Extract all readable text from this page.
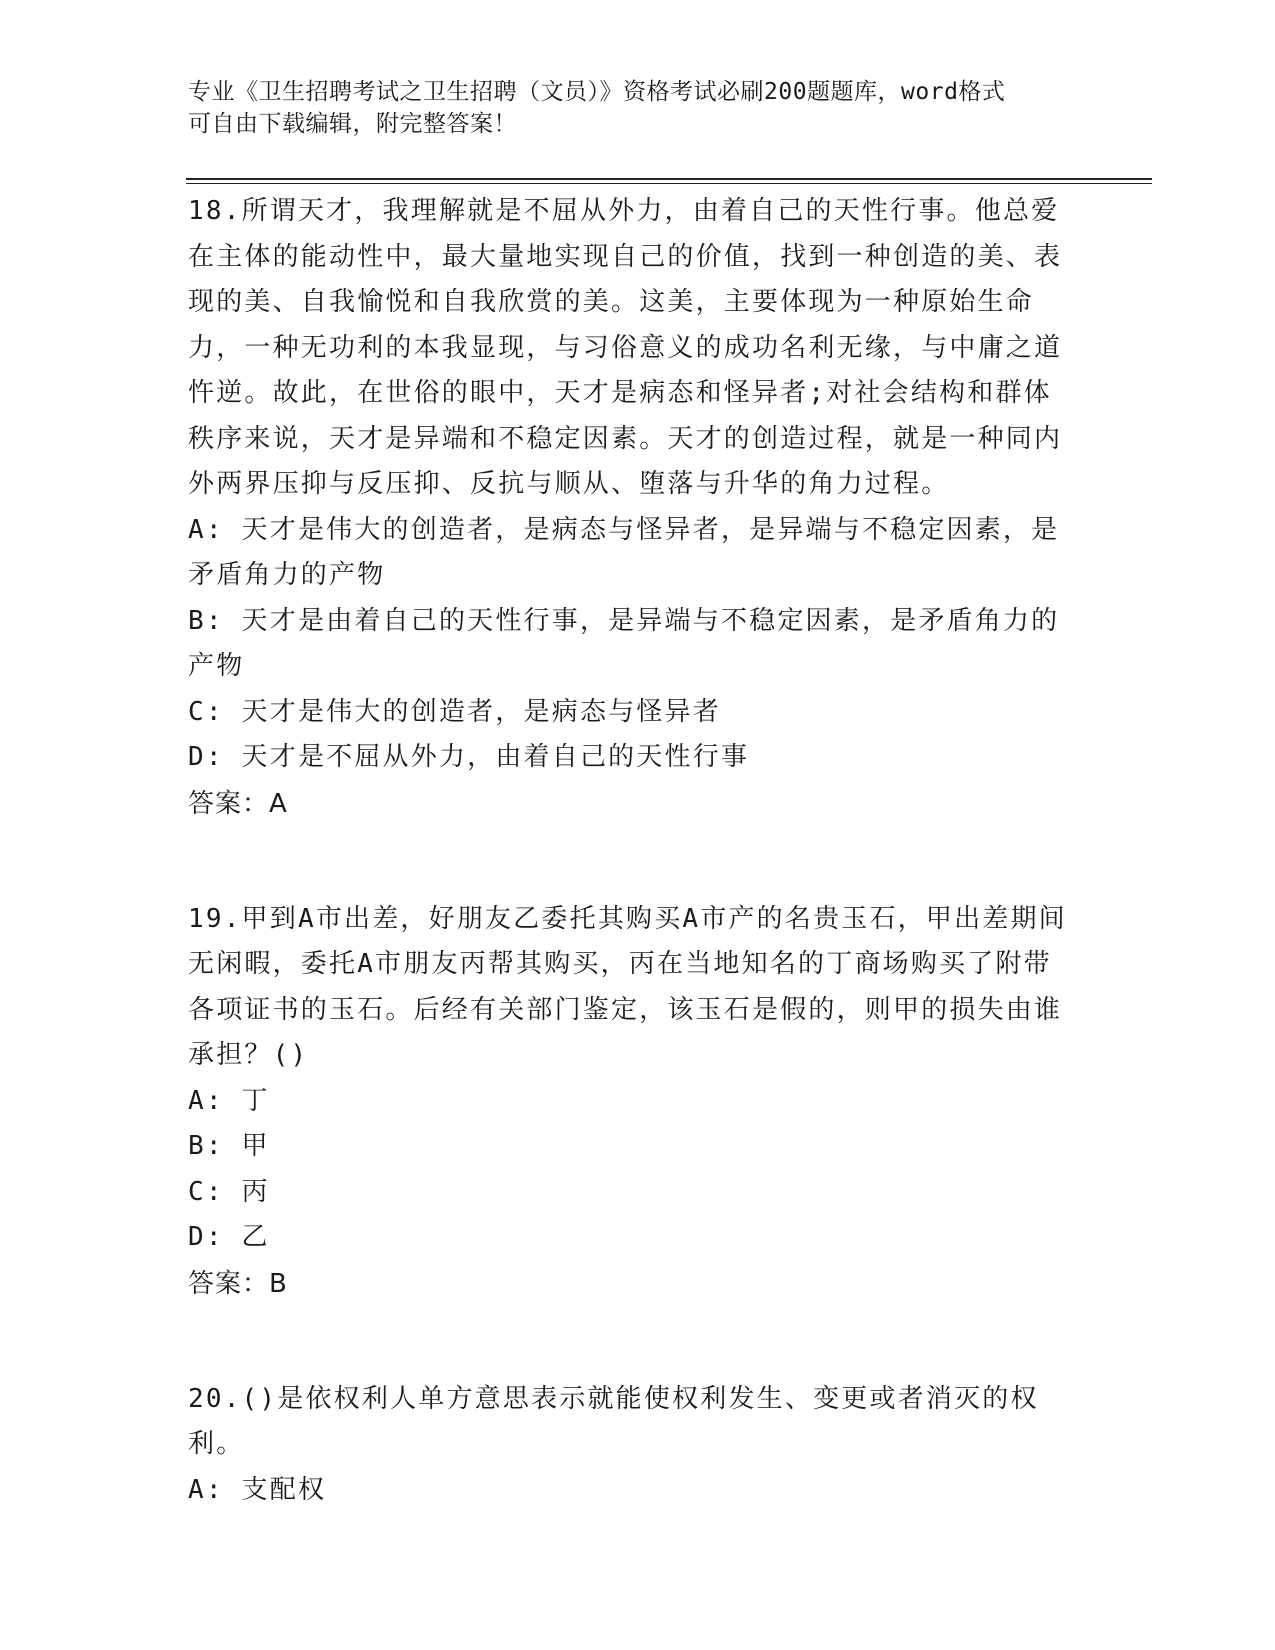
专业《卫生招聘考试之卫生招聘（文员）》资格考试必刷200题题库，word格式
可自由下载编辑，附完整答案！

18.所谓天才，我理解就是不屈从外力，由着自己的天性行事。他总爱在主体的能动性中，最大量地实现自己的价值，找到一种创造的美、表现的美、自我愉悦和自我欣赏的美。这美，主要体现为一种原始生命力，一种无功利的本我显现，与习俗意义的成功名利无缘，与中庸之道忤逆。故此，在世俗的眼中，天才是病态和怪异者;对社会结构和群体秩序来说，天才是异端和不稳定因素。天才的创造过程，就是一种同内外两界压抑与反压抑、反抗与顺从、堕落与升华的角力过程。

A: 天才是伟大的创造者，是病态与怪异者，是异端与不稳定因素，是矛盾角力的产物

B: 天才是由着自己的天性行事，是异端与不稳定因素，是矛盾角力的产物

C: 天才是伟大的创造者，是病态与怪异者

D: 天才是不屈从外力，由着自己的天性行事

答案：A

19.甲到A市出差，好朋友乙委托其购买A市产的名贵玉石，甲出差期间无闲暇，委托A市朋友丙帮其购买，丙在当地知名的丁商场购买了附带各项证书的玉石。后经有关部门鉴定，该玉石是假的，则甲的损失由谁承担？()

A: 丁

B: 甲

C: 丙

D: 乙

答案：B

20.()是依权利人单方意思表示就能使权利发生、变更或者消灭的权利。

A: 支配权
